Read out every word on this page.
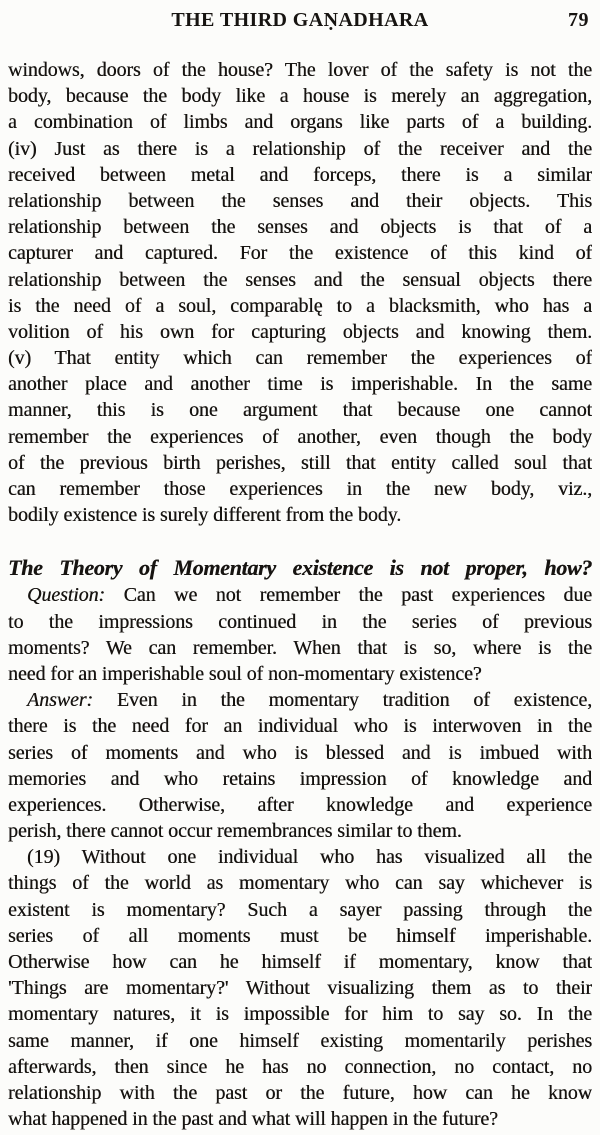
THE THIRD GAṆADHARA	79
windows, doors of the house? The lover of the safety is not the
body, because the body like a house is merely an aggregation,
a combination of limbs and organs like parts of a building.
(iv) Just as there is a relationship of the receiver and the
received between metal and forceps, there is a similar
relationship between the senses and their objects. This
relationship between the senses and objects is that of a
capturer and captured. For the existence of this kind of
relationship between the senses and the sensual objects there
is the need of a soul, comparablę to a blacksmith, who has a
volition of his own for capturing objects and knowing them.
(v) That entity which can remember the experiences of
another place and another time is imperishable. In the same
manner, this is one argument that because one cannot
remember the experiences of another, even though the body
of the previous birth perishes, still that entity called soul that
can remember those experiences in the new body, viz.,
bodily existence is surely different from the body.
The Theory of Momentary existence is not proper, how?
Question: Can we not remember the past experiences due
to the impressions continued in the series of previous
moments? We can remember. When that is so, where is the
need for an imperishable soul of non-momentary existence?
Answer: Even in the momentary tradition of existence,
there is the need for an individual who is interwoven in the
series of moments and who is blessed and is imbued with
memories and who retains impression of knowledge and
experiences. Otherwise, after knowledge and experience
perish, there cannot occur remembrances similar to them.
(19) Without one individual who has visualized all the
things of the world as momentary who can say whichever is
existent is momentary? Such a sayer passing through the
series of all moments must be himself imperishable.
Otherwise how can he himself if momentary, know that
'Things are momentary?' Without visualizing them as to their
momentary natures, it is impossible for him to say so. In the
same manner, if one himself existing momentarily perishes
afterwards, then since he has no connection, no contact, no
relationship with the past or the future, how can he know
what happened in the past and what will happen in the future?
